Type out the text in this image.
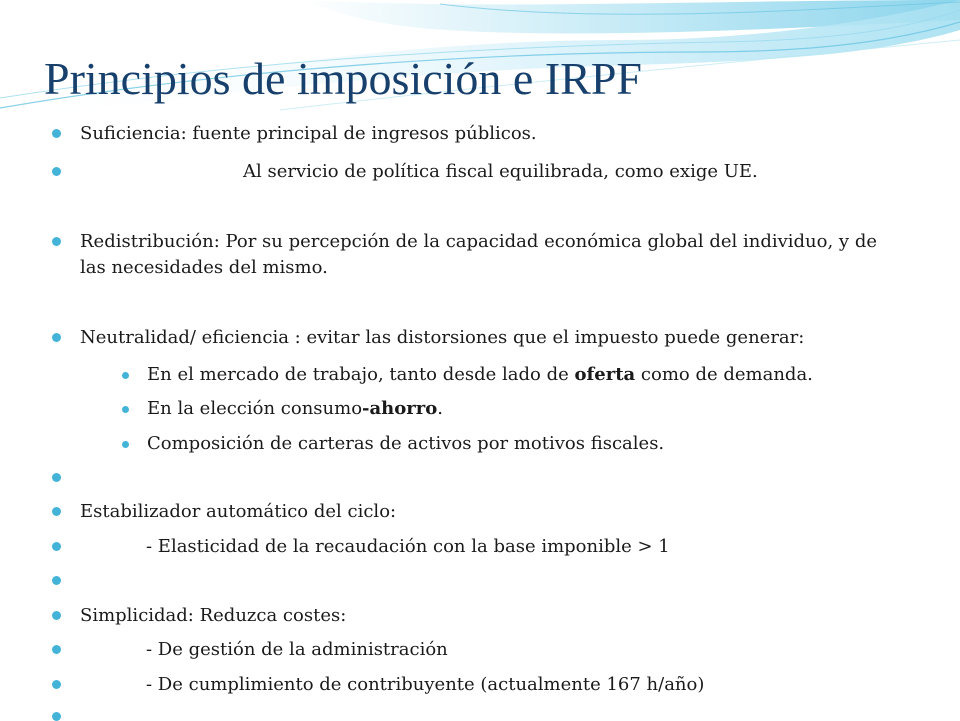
Principios de imposición e IRPF
Suficiencia: fuente principal de ingresos públicos.
Al servicio de política fiscal equilibrada, como exige UE.
Redistribución: Por su percepción de la capacidad económica global del individuo, y de las necesidades del mismo.
Neutralidad/ eficiencia : evitar las distorsiones que el impuesto puede generar:
En el mercado de trabajo, tanto desde lado de oferta como de demanda.
En la elección consumo-ahorro.
Composición de carteras de activos por motivos fiscales.
Estabilizador automático del ciclo:
- Elasticidad de la recaudación con la base imponible > 1
Simplicidad: Reduzca costes:
- De gestión de la administración
- De cumplimiento de contribuyente (actualmente 167 h/año)
